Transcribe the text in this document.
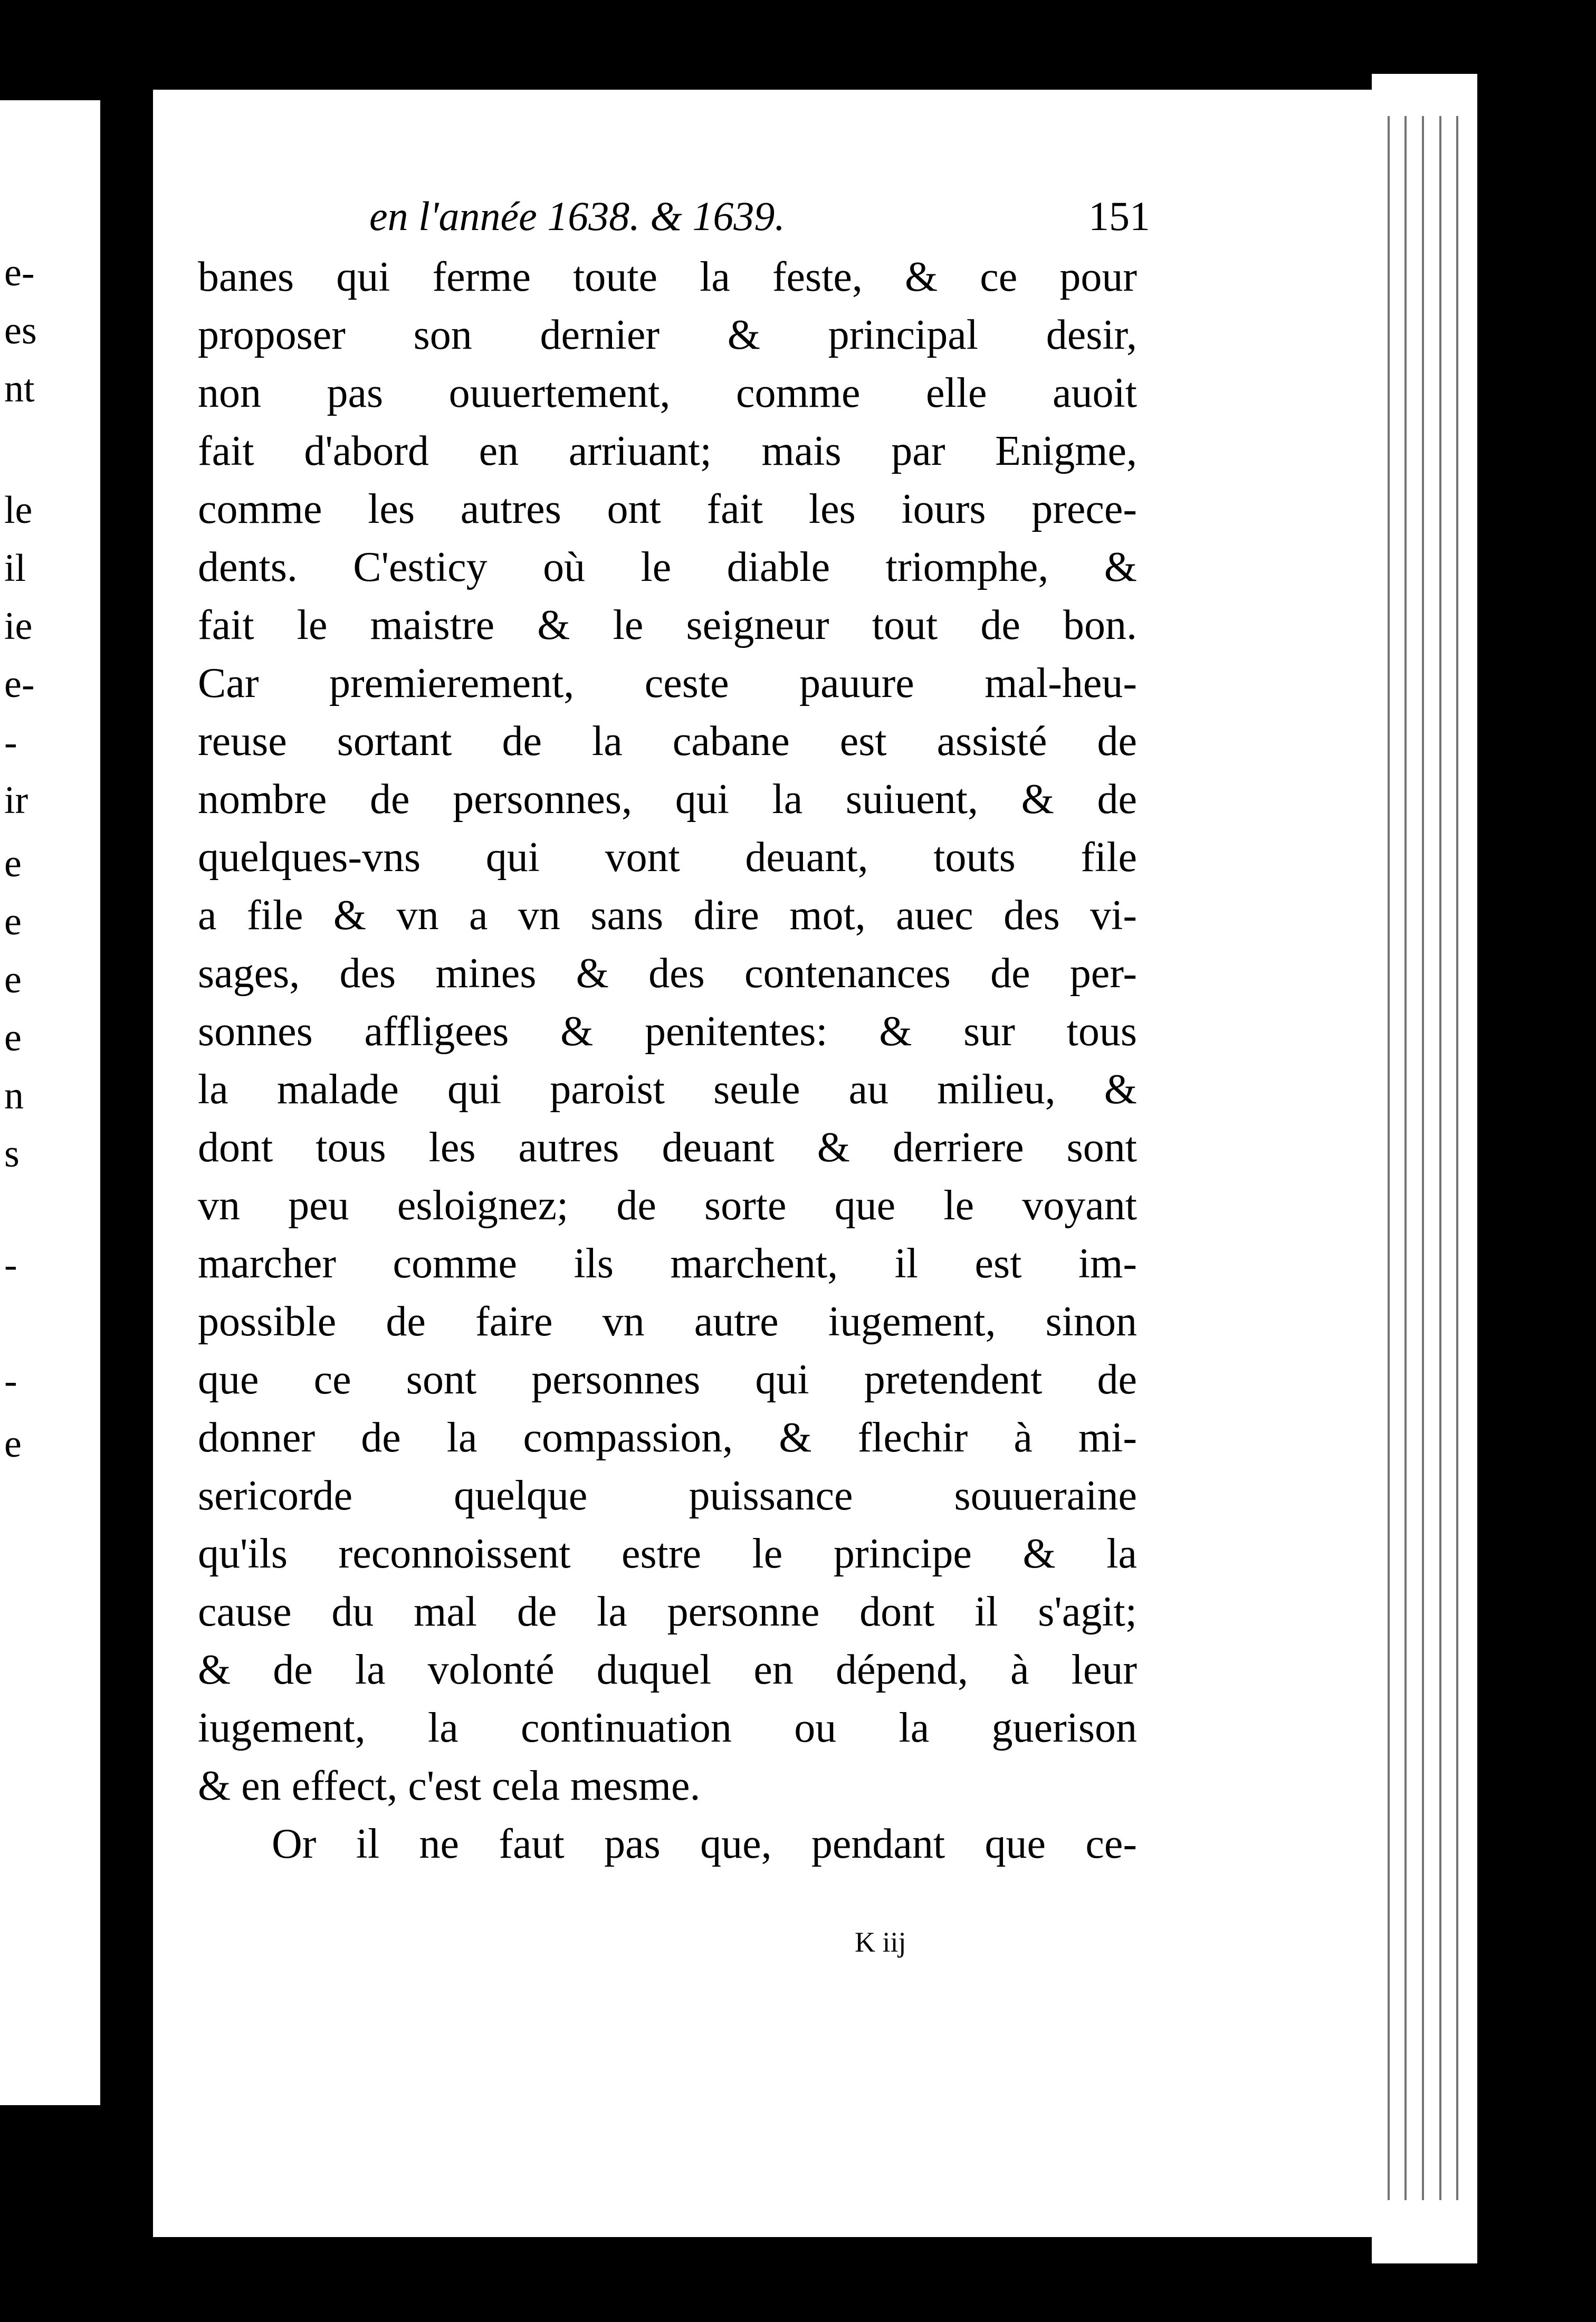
e-
es
nt
le
il
ie
e-
-
ir
e
e
e
e
n
s
-
-
e
en l'année 1638. & 1639.	151
banes qui ferme toute la feste, & ce pour
proposer son dernier & principal desir,
non pas ouuertement, comme elle auoit
fait d'abord en arriuant; mais par Enigme,
comme les autres ont fait les iours prece-
dents. C'esticy où le diable triomphe, &
fait le maistre & le seigneur tout de bon.
Car premierement, ceste pauure mal-heu-
reuse sortant de la cabane est assisté de
nombre de personnes, qui la suiuent, & de
quelques-vns qui vont deuant, touts file
a file & vn a vn sans dire mot, auec des vi-
sages, des mines & des contenances de per-
sonnes affligees & penitentes: & sur tous
la malade qui paroist seule au milieu, &
dont tous les autres deuant & derriere sont
vn peu esloignez; de sorte que le voyant
marcher comme ils marchent, il est im-
possible de faire vn autre iugement, sinon
que ce sont personnes qui pretendent de
donner de la compassion, & flechir à mi-
sericorde quelque puissance souueraine
qu'ils reconnoissent estre le principe & la
cause du mal de la personne dont il s'agit;
& de la volonté duquel en dépend, à leur
iugement, la continuation ou la guerison
& en effect, c'est cela mesme.
Or il ne faut pas que, pendant que ce-
K iij
